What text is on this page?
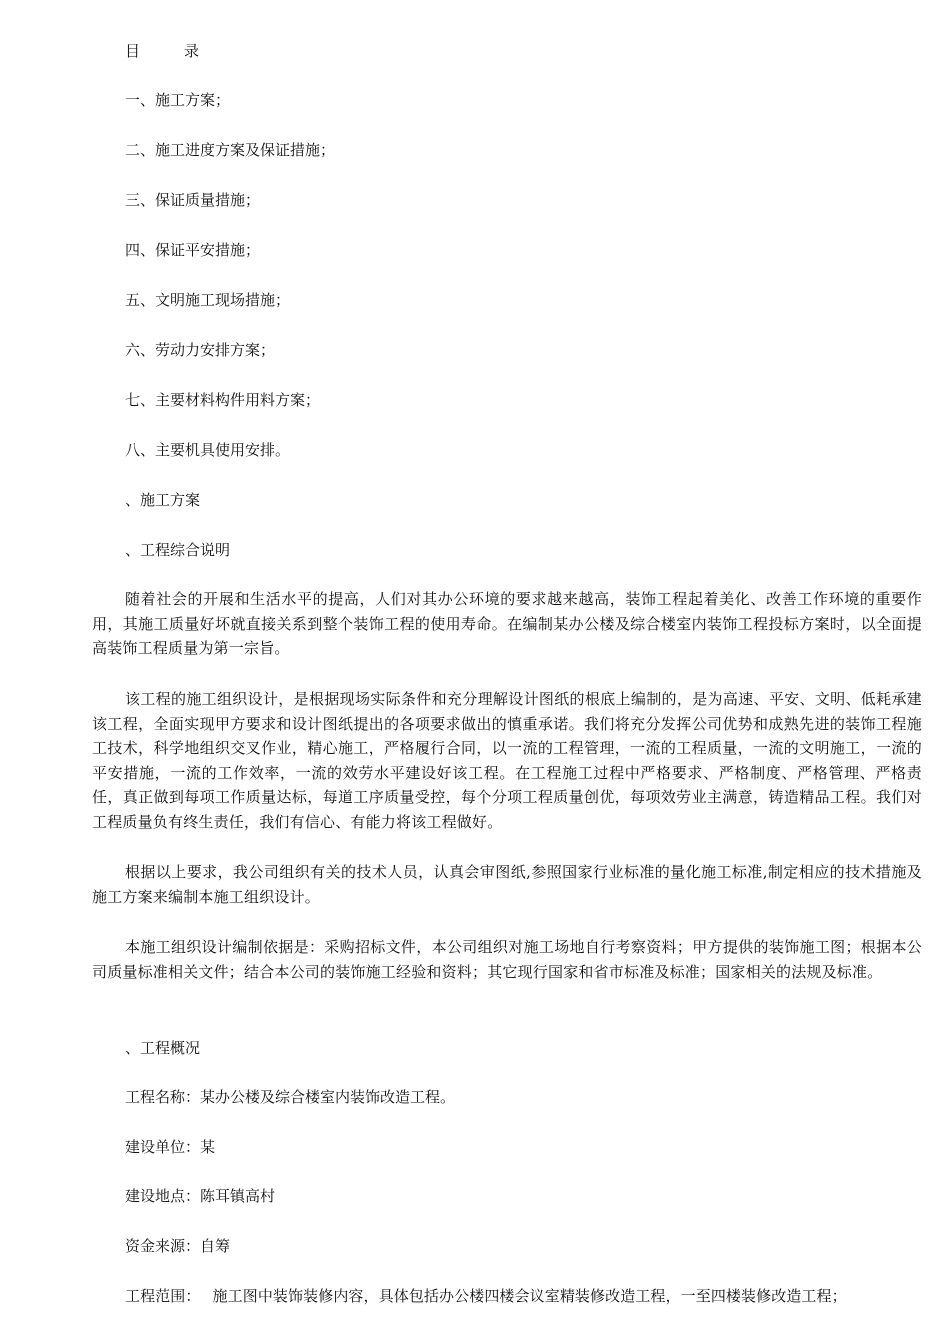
目	录
一、施工方案；
二、施工进度方案及保证措施；
三、保证质量措施；
四、保证平安措施；
五、文明施工现场措施；
六、劳动力安排方案；
七、主要材料构件用料方案；
八、主要机具使用安排。
、施工方案
、工程综合说明
随着社会的开展和生活水平的提高，人们对其办公环境的要求越来越高，装饰工程起着美化、改善工作环境的重要作用，其施工质量好坏就直接关系到整个装饰工程的使用寿命。在编制某办公楼及综合楼室内装饰工程投标方案时，以全面提高装饰工程质量为第一宗旨。
该工程的施工组织设计，是根据现场实际条件和充分理解设计图纸的根底上编制的，是为高速、平安、文明、低耗承建该工程，全面实现甲方要求和设计图纸提出的各项要求做出的慎重承诺。我们将充分发挥公司优势和成熟先进的装饰工程施工技术，科学地组织交叉作业，精心施工，严格履行合同，以一流的工程管理，一流的工程质量，一流的文明施工，一流的平安措施，一流的工作效率，一流的效劳水平建设好该工程。在工程施工过程中严格要求、严格制度、严格管理、严格责任，真正做到每项工作质量达标，每道工序质量受控，每个分项工程质量创优，每项效劳业主满意，铸造精品工程。我们对工程质量负有终生责任，我们有信心、有能力将该工程做好。
根据以上要求，我公司组织有关的技术人员，认真会审图纸,参照国家行业标准的量化施工标准,制定相应的技术措施及施工方案来编制本施工组织设计。
本施工组织设计编制依据是：采购招标文件，本公司组织对施工场地自行考察资料；甲方提供的装饰施工图；根据本公司质量标准相关文件；结合本公司的装饰施工经验和资料；其它现行国家和省市标准及标准；国家相关的法规及标准。
、工程概况
工程名称：某办公楼及综合楼室内装饰改造工程。
建设单位：某
建设地点：陈耳镇高村
资金来源：自筹
工程范围： 施工图中装饰装修内容，具体包括办公楼四楼会议室精装修改造工程，一至四楼装修改造工程；
